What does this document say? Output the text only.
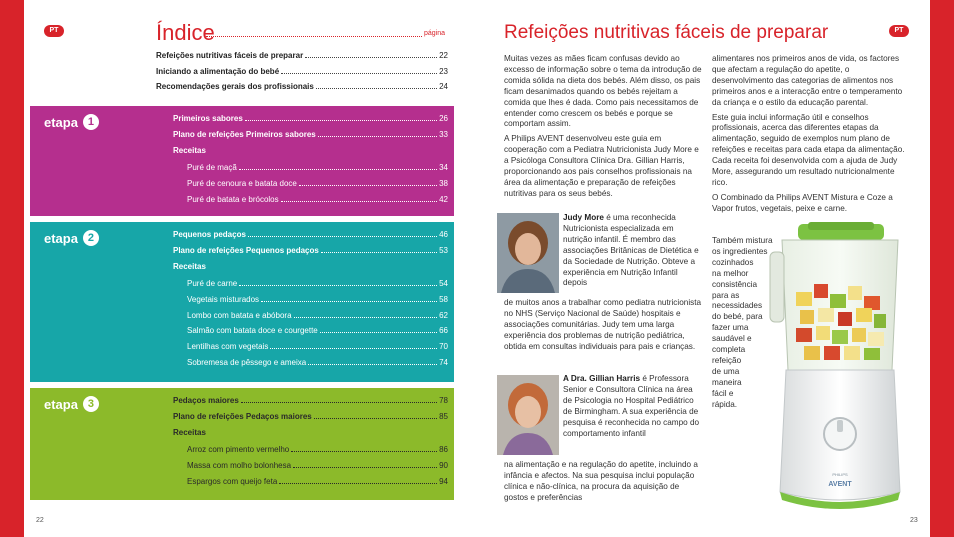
PT	PT
Índice	página
Refeições nutritivas fáceis de preparar	22
Iniciando a alimentação do bebé	23
Recomendações gerais dos profissionais	24
etapa 1	Primeiros sabores	26
Plano de refeições Primeiros sabores	33
Receitas
Puré de maçã	34
Puré de cenoura e batata doce	38
Puré de batata e brócolos	42
etapa 2	Pequenos pedaços	46
Plano de refeições Pequenos pedaços	53
Receitas
Puré de carne	54
Vegetais misturados	58
Lombo com batata e abóbora	62
Salmão com batata doce e courgette	66
Lentilhas com vegetais	70
Sobremesa de pêssego e ameixa	74
etapa 3	Pedaços maiores	78
Plano de refeições Pedaços maiores	85
Receitas
Arroz com pimento vermelho	86
Massa com molho bolonhesa	90
Espargos com queijo feta	94
22	23
Refeições nutritivas fáceis de preparar

Muitas vezes as mães ficam confusas devido ao excesso de informação sobre o tema da introdução de comida sólida na dieta dos bebés. Além disso, os pais ficam desanimados quando os bebés rejeitam a comida que lhes é dada. Como pais necessitamos de entender como crescem os bebés e porque se comportam assim.

A Philips AVENT desenvolveu este guia em cooperação com a Pediatra Nutricionista Judy More e a Psicóloga Consultora Clínica Dra. Gillian Harris, proporcionando aos pais conselhos profissionais na área da alimentação e preparação de refeições nutritivas para os seus bebés.

Judy More é uma reconhecida Nutricionista especializada em nutrição infantil. É membro das associações Britânicas de Dietética e da Sociedade de Nutrição. Obteve a experiência em Nutrição Infantil depois
de muitos anos a trabalhar como pediatra nutricionista no NHS (Serviço Nacional de Saúde) hospitais e associações comunitárias. Judy tem uma larga experiência dos problemas de nutrição pediátrica, obtida em consultas individuais para pais e crianças.
A Dra. Gillian Harris é Professora Senior e Consultora Clínica na área de Psicologia no Hospital Pediátrico de Birmingham. A sua experiência de pesquisa é reconhecida no campo do comportamento infantil
na alimentação e na regulação do apetite, incluindo a infância e afectos. Na sua pesquisa inclui população clínica e não-clínica, na procura da aquisição de gostos e preferências

alimentares nos primeiros anos de vida, os factores que afectam a regulação do apetite, o desenvolvimento das categorias de alimentos nos primeiros anos e a interacção entre o temperamento da criança e o estilo da educação parental.

Este guia inclui informação útil e conselhos profissionais, acerca das diferentes etapas da alimentação, seguido de exemplos num plano de refeições e receitas para cada etapa da alimentação. Cada receita foi desenvolvida com a ajuda de Judy More, assegurando um resultado nutricionalmente rico.

O Combinado da Philips AVENT Mistura e Coze a Vapor frutos, vegetais, peixe e carne.

Também mistura
os ingredientes
cozinhados
na melhor
consistência
para as
necessidades
do bebé, para
fazer uma
saudável e
completa
refeição
de uma
maneira
fácil e
rápida.
PHILIPS
AVENT
